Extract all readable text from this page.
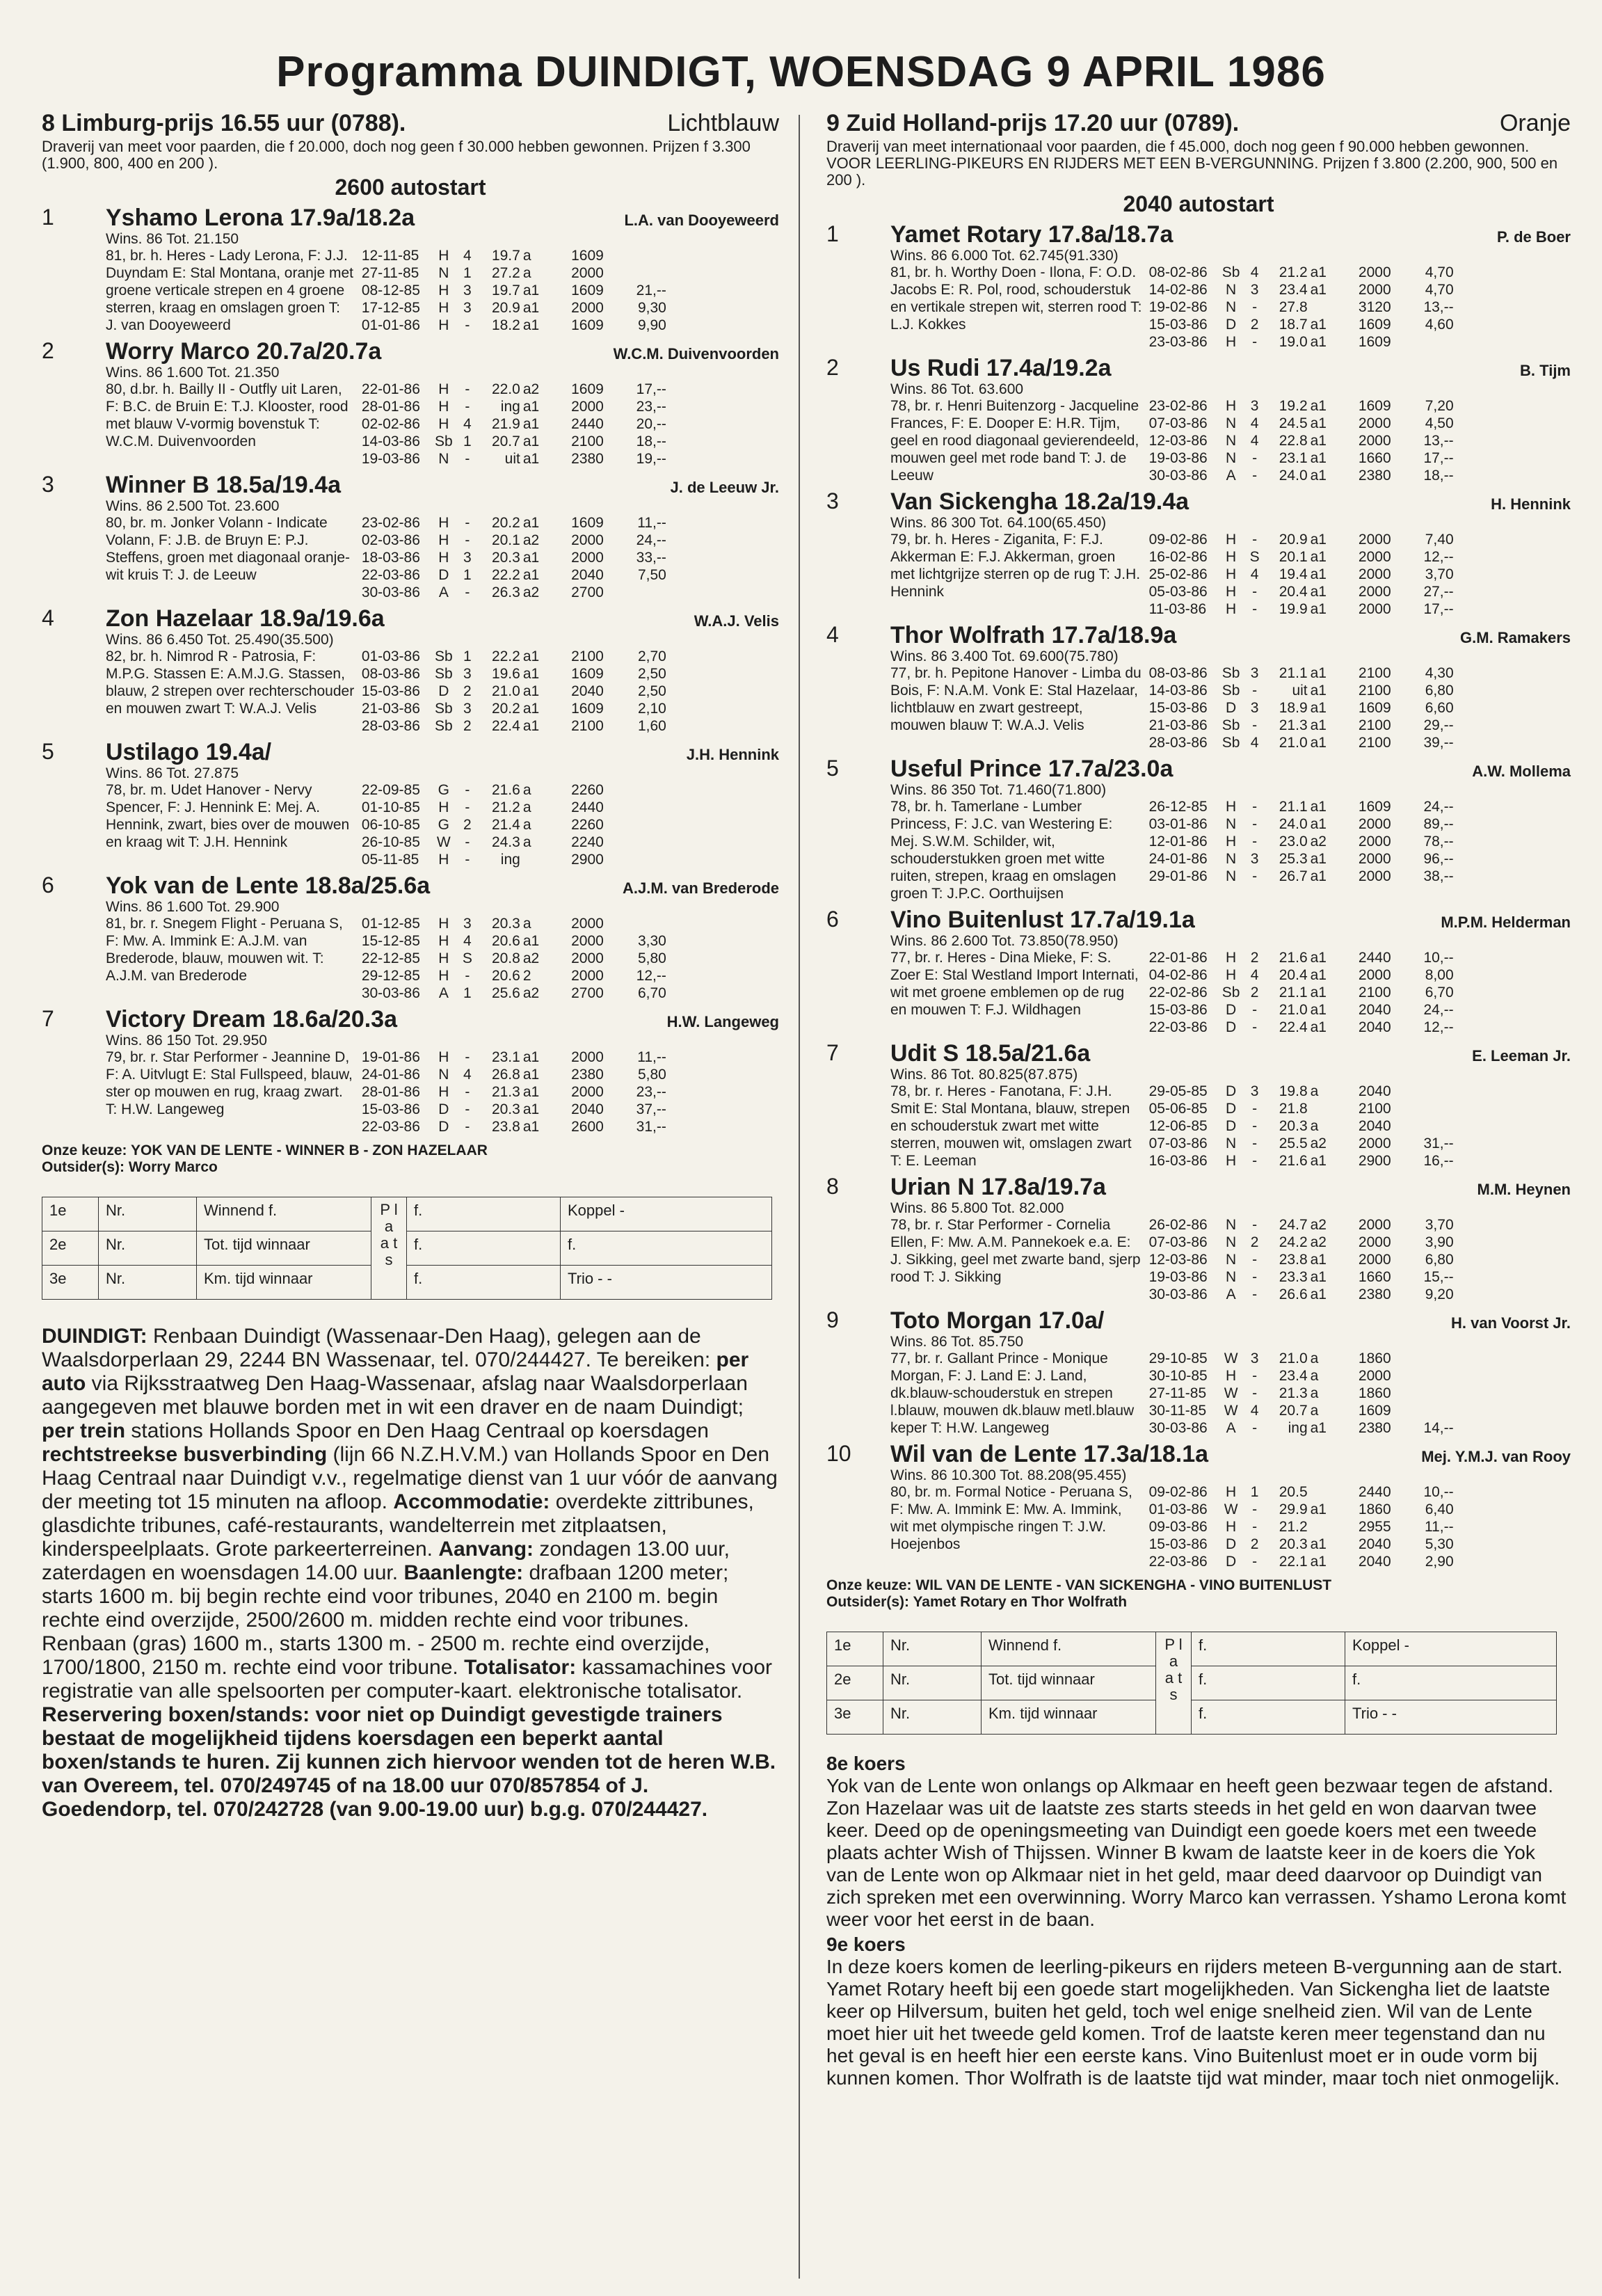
Programma DUINDIGT, WOENSDAG 9 APRIL 1986
8 Limburg-prijs 16.55 uur (0788).	Lichtblauw
Draverij van meet voor paarden, die f 20.000, doch nog geen f 30.000 hebben gewonnen. Prijzen f 3.300 (1.900, 800, 400 en 200 ).
2600 autostart
1	Yshamo Lerona 17.9a/18.2a	L.A. van Dooyeweerd
Wins. 86 Tot. 21.150
81, br. h. Heres - Lady Lerona, F: J.J. Duyndam E: Stal Montana, oranje met groene verticale strepen en 4 groene sterren, kraag en omslagen groen T: J. van Dooyeweerd
12-11-85	H 4	19.7 a	1609
27-11-85	N 1	27.2 a	2000
08-12-85	H 3	19.7 a1	1609	21,--
17-12-85	H 3	20.9 a1	2000	9,30
01-01-86	H	-	18.2 a1	1609	9,90
2	Worry Marco 20.7a/20.7a	W.C.M. Duivenvoorden
Wins. 86 1.600 Tot. 21.350
80, d.br. h. Bailly II - Outfly uit Laren, F: B.C. de Bruin E: T.J. Klooster, rood met blauw V-vormig bovenstuk T: W.C.M. Duivenvoorden
22-01-86	H	-	22.0 a2	1609	17,--
28-01-86	H	-	ing a1	2000	23,--
02-02-86	H 4	21.9 a1	2440	20,--
14-03-86	Sb 1	20.7 a1	2100	18,--
19-03-86	N	-	uit a1	2380	19,--
3	Winner B 18.5a/19.4a	J. de Leeuw Jr.
Wins. 86 2.500 Tot. 23.600
80, br. m. Jonker Volann - Indicate Volann, F: J.B. de Bruyn E: P.J. Steffens, groen met diagonaal oranje-wit kruis T: J. de Leeuw
23-02-86	H	-	20.2 a1	1609	11,--
02-03-86	H	-	20.1 a2	2000	24,--
18-03-86	H 3	20.3 a1	2000	33,--
22-03-86	D 1	22.2 a1	2040	7,50
30-03-86	A	-	26.3 a2	2700
4	Zon Hazelaar 18.9a/19.6a	W.A.J. Velis
Wins. 86 6.450 Tot. 25.490(35.500)
82, br. h. Nimrod R - Patrosia, F: M.P.G. Stassen E: A.M.J.G. Stassen, blauw, 2 strepen over rechterschouder en mouwen zwart T: W.A.J. Velis
01-03-86	Sb 1	22.2 a1	2100	2,70
08-03-86	Sb 3	19.6 a1	1609	2,50
15-03-86	D 2	21.0 a1	2040	2,50
21-03-86	Sb 3	20.2 a1	1609	2,10
28-03-86	Sb 2	22.4 a1	2100	1,60
5	Ustilago 19.4a/	J.H. Hennink
Wins. 86 Tot. 27.875
78, br. m. Udet Hanover - Nervy Spencer, F: J. Hennink E: Mej. A. Hennink, zwart, bies over de mouwen en kraag wit T: J.H. Hennink
22-09-85	G	-	21.6 a	2260
01-10-85	H	-	21.2 a	2440
06-10-85	G 2	21.4 a	2260
26-10-85	W -	24.3 a	2240
05-11-85	H	-	ing	2900
6	Yok van de Lente 18.8a/25.6a	A.J.M. van Brederode
Wins. 86 1.600 Tot. 29.900
81, br. r. Snegem Flight - Peruana S, F: Mw. A. Immink E: A.J.M. van Brederode, blauw, mouwen wit. T: A.J.M. van Brederode
01-12-85	H 3	20.3 a	2000
15-12-85	H 4	20.6 a1	2000	3,30
22-12-85	H S	20.8 a2	2000	5,80
29-12-85	H	-	20.6 2	2000	12,--
30-03-86	A	1	25.6 a2	2700	6,70
7	Victory Dream 18.6a/20.3a	H.W. Langeweg
Wins. 86 150 Tot. 29.950
79, br. r. Star Performer - Jeannine D, F: A. Uitvlugt E: Stal Fullspeed, blauw, ster op mouwen en rug, kraag zwart. T: H.W. Langeweg
19-01-86	H	-	23.1 a1	2000	11,--
24-01-86	N 4	26.8 a1	2380	5,80
28-01-86	H	-	21.3 a1	2000	23,--
15-03-86	D	-	20.3 a1	2040	37,--
22-03-86	D	-	23.8 a1	2600	31,--
Onze keuze: YOK VAN DE LENTE - WINNER B - ZON HAZELAAR
Outsider(s): Worry Marco
1e	Nr.	Winnend f.	P l a a t s	f.	Koppel -
2e	Nr.	Tot. tijd winnaar		f.	f.
3e	Nr.	Km. tijd winnaar		f.	Trio - -
DUINDIGT: Renbaan Duindigt (Wassenaar-Den Haag), gelegen aan de Waalsdorperlaan 29, 2244 BN Wassenaar, tel. 070/244427. Te bereiken: per auto via Rijksstraatweg Den Haag-Wassenaar, afslag naar Waalsdorperlaan aangegeven met blauwe borden met in wit een draver en de naam Duindigt; per trein stations Hollands Spoor en Den Haag Centraal op koersdagen rechtstreekse busverbinding (lijn 66 N.Z.H.V.M.) van Hollands Spoor en Den Haag Centraal naar Duindigt v.v., regelmatige dienst van 1 uur vóór de aanvang der meeting tot 15 minuten na afloop. Accommodatie: overdekte zittribunes, glasdichte tribunes, café-restaurants, wandelterrein met zitplaatsen, kinderspeelplaats. Grote parkeerterreinen. Aanvang: zondagen 13.00 uur, zaterdagen en woensdagen 14.00 uur. Baanlengte: drafbaan 1200 meter; starts 1600 m. bij begin rechte eind voor tribunes, 2040 en 2100 m. begin rechte eind overzijde, 2500/2600 m. midden rechte eind voor tribunes. Renbaan (gras) 1600 m., starts 1300 m. - 2500 m. rechte eind overzijde, 1700/1800, 2150 m. rechte eind voor tribune. Totalisator: kassamachines voor registratie van alle spelsoorten per computer-kaart. elektronische totalisator. Reservering boxen/stands: voor niet op Duindigt gevestigde trainers bestaat de mogelijkheid tijdens koersdagen een beperkt aantal boxen/stands te huren. Zij kunnen zich hiervoor wenden tot de heren W.B. van Overeem, tel. 070/249745 of na 18.00 uur 070/857854 of J. Goedendorp, tel. 070/242728 (van 9.00-19.00 uur) b.g.g. 070/244427.
9 Zuid Holland-prijs 17.20 uur (0789).	Oranje
Draverij van meet internationaal voor paarden, die f 45.000, doch nog geen f 90.000 hebben gewonnen. VOOR LEERLING-PIKEURS EN RIJDERS MET EEN B-VERGUNNING. Prijzen f 3.800 (2.200, 900, 500 en 200 ).
2040 autostart
1	Yamet Rotary 17.8a/18.7a	P. de Boer
Wins. 86 6.000 Tot. 62.745(91.330)
81, br. h. Worthy Doen - Ilona, F: O.D. Jacobs E: R. Pol, rood, schouderstuk en vertikale strepen wit, sterren rood T: L.J. Kokkes
08-02-86	Sb 4	21.2 a1	2000	4,70
14-02-86	N 3	23.4 a1	2000	4,70
19-02-86	N	-	27.8	3120	13,--
15-03-86	D 2	18.7 a1	1609	4,60
23-03-86	H	-	19.0 a1	1609
2	Us Rudi 17.4a/19.2a	B. Tijm
Wins. 86 Tot. 63.600
78, br. r. Henri Buitenzorg - Jacqueline Frances, F: E. Dooper E: H.R. Tijm, geel en rood diagonaal gevierendeeld, mouwen geel met rode band T: J. de Leeuw
23-02-86	H 3	19.2 a1	1609	7,20
07-03-86	N 4	24.5 a1	2000	4,50
12-03-86	N 4	22.8 a1	2000	13,--
19-03-86	N	-	23.1 a1	1660	17,--
30-03-86	A	-	24.0 a1	2380	18,--
3	Van Sickengha 18.2a/19.4a	H. Hennink
Wins. 86 300 Tot. 64.100(65.450)
79, br. h. Heres - Ziganita, F: F.J. Akkerman E: F.J. Akkerman, groen met lichtgrijze sterren op de rug T: J.H. Hennink
09-02-86	H	-	20.9 a1	2000	7,40
16-02-86	H S	20.1 a1	2000	12,--
25-02-86	H 4	19.4 a1	2000	3,70
05-03-86	H	-	20.4 a1	2000	27,--
11-03-86	H	-	19.9 a1	2000	17,--
4	Thor Wolfrath 17.7a/18.9a	G.M. Ramakers
Wins. 86 3.400 Tot. 69.600(75.780)
77, br. h. Pepitone Hanover - Limba du Bois, F: N.A.M. Vonk E: Stal Hazelaar, lichtblauw en zwart gestreept, mouwen blauw T: W.A.J. Velis
08-03-86	Sb 3	21.1 a1	2100	4,30
14-03-86	Sb -	uit a1	2100	6,80
15-03-86	D 3	18.9 a1	1609	6,60
21-03-86	Sb -	21.3 a1	2100	29,--
28-03-86	Sb 4	21.0 a1	2100	39,--
5	Useful Prince 17.7a/23.0a	A.W. Mollema
Wins. 86 350 Tot. 71.460(71.800)
78, br. h. Tamerlane - Lumber Princess, F: J.C. van Westering E: Mej. S.W.M. Schilder, wit, schouderstukken groen met witte ruiten, strepen, kraag en omslagen groen T: J.P.C. Oorthuijsen
26-12-85	H	-	21.1 a1	1609	24,--
03-01-86	N	-	24.0 a1	2000	89,--
12-01-86	H	-	23.0 a2	2000	78,--
24-01-86	N 3	25.3 a1	2000	96,--
29-01-86	N	-	26.7 a1	2000	38,--
6	Vino Buitenlust 17.7a/19.1a	M.P.M. Helderman
Wins. 86 2.600 Tot. 73.850(78.950)
77, br. r. Heres - Dina Mieke, F: S. Zoer E: Stal Westland Import Internati, wit met groene emblemen op de rug en mouwen T: F.J. Wildhagen
22-01-86	H 2	21.6 a1	2440	10,--
04-02-86	H 4	20.4 a1	2000	8,00
22-02-86	Sb 2	21.1 a1	2100	6,70
15-03-86	D	-	21.0 a1	2040	24,--
22-03-86	D	-	22.4 a1	2040	12,--
7	Udit S 18.5a/21.6a	E. Leeman Jr.
Wins. 86 Tot. 80.825(87.875)
78, br. r. Heres - Fanotana, F: J.H. Smit E: Stal Montana, blauw, strepen en schouderstuk zwart met witte sterren, mouwen wit, omslagen zwart T: E. Leeman
29-05-85	D 3	19.8 a	2040
05-06-85	D	-	21.8	2100
12-06-85	D	-	20.3 a	2040
07-03-86	N	-	25.5 a2	2000	31,--
16-03-86	H	-	21.6 a1	2900	16,--
8	Urian N 17.8a/19.7a	M.M. Heynen
Wins. 86 5.800 Tot. 82.000
78, br. r. Star Performer - Cornelia Ellen, F: Mw. A.M. Pannekoek e.a. E: J. Sikking, geel met zwarte band, sjerp rood T: J. Sikking
26-02-86	N	-	24.7 a2	2000	3,70
07-03-86	N 2	24.2 a2	2000	3,90
12-03-86	N	-	23.8 a1	2000	6,80
19-03-86	N	-	23.3 a1	1660	15,--
30-03-86	A	-	26.6 a1	2380	9,20
9	Toto Morgan 17.0a/	H. van Voorst Jr.
Wins. 86 Tot. 85.750
77, br. r. Gallant Prince - Monique Morgan, F: J. Land E: J. Land, dk.blauw-schouderstuk en strepen l.blauw, mouwen dk.blauw metl.blauw keper T: H.W. Langeweg
29-10-85	W 3	21.0 a	1860
30-10-85	H	-	23.4 a	2000
27-11-85	W -	21.3 a	1860
30-11-85	W 4	20.7 a	1609
30-03-86	A	-	ing a1	2380	14,--
10 Wil van de Lente 17.3a/18.1a	Mej. Y.M.J. van Rooy
Wins. 86 10.300 Tot. 88.208(95.455)
80, br. m. Formal Notice - Peruana S, F: Mw. A. Immink E: Mw. A. Immink, wit met olympische ringen T: J.W. Hoejenbos
09-02-86	H 1	20.5	2440	10,--
01-03-86	W -	29.9 a1	1860	6,40
09-03-86	H	-	21.2	2955	11,--
15-03-86	D 2	20.3 a1	2040	5,30
22-03-86	D	-	22.1 a1	2040	2,90
Onze keuze: WIL VAN DE LENTE - VAN SICKENGHA - VINO BUITENLUST
Outsider(s): Yamet Rotary en Thor Wolfrath
1e	Nr.	Winnend f.	P l a a t s	f.	Koppel -
2e	Nr.	Tot. tijd winnaar		f.	f.
3e	Nr.	Km. tijd winnaar		f.	Trio - -
8e koers
Yok van de Lente won onlangs op Alkmaar en heeft geen bezwaar tegen de afstand. Zon Hazelaar was uit de laatste zes starts steeds in het geld en won daarvan twee keer. Deed op de openingsmeeting van Duindigt een goede koers met een tweede plaats achter Wish of Thijssen. Winner B kwam de laatste keer in de koers die Yok van de Lente won op Alkmaar niet in het geld, maar deed daarvoor op Duindigt van zich spreken met een overwinning. Worry Marco kan verrassen. Yshamo Lerona komt weer voor het eerst in de baan.
9e koers
In deze koers komen de leerling-pikeurs en rijders meteen B-vergunning aan de start. Yamet Rotary heeft bij een goede start mogelijkheden. Van Sickengha liet de laatste keer op Hilversum, buiten het geld, toch wel enige snelheid zien. Wil van de Lente moet hier uit het tweede geld komen. Trof de laatste keren meer tegenstand dan nu het geval is en heeft hier een eerste kans. Vino Buitenlust moet er in oude vorm bij kunnen komen. Thor Wolfrath is de laatste tijd wat minder, maar toch niet onmogelijk.
